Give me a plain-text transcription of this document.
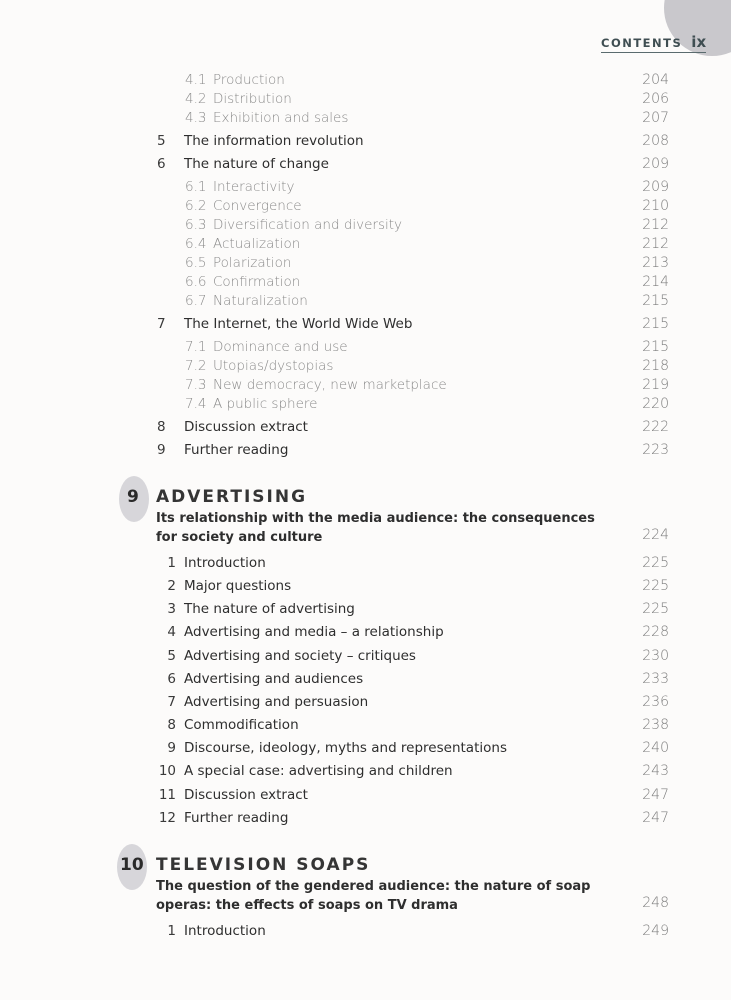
CONTENTS ix
4.1 Production	204
4.2 Distribution	206
4.3 Exhibition and sales	207
5 The information revolution	208
6 The nature of change	209
6.1 Interactivity	209
6.2 Convergence	210
6.3 Diversification and diversity	212
6.4 Actualization	212
6.5 Polarization	213
6.6 Confirmation	214
6.7 Naturalization	215
7 The Internet, the World Wide Web	215
7.1 Dominance and use	215
7.2 Utopias/dystopias	218
7.3 New democracy, new marketplace	219
7.4 A public sphere	220
8 Discussion extract	222
9 Further reading	223
9 ADVERTISING
Its relationship with the media audience: the consequences for society and culture	224
1 Introduction	225
2 Major questions	225
3 The nature of advertising	225
4 Advertising and media – a relationship	228
5 Advertising and society – critiques	230
6 Advertising and audiences	233
7 Advertising and persuasion	236
8 Commodification	238
9 Discourse, ideology, myths and representations	240
10 A special case: advertising and children	243
11 Discussion extract	247
12 Further reading	247
10 TELEVISION SOAPS
The question of the gendered audience: the nature of soap operas: the effects of soaps on TV drama	248
1 Introduction	249
